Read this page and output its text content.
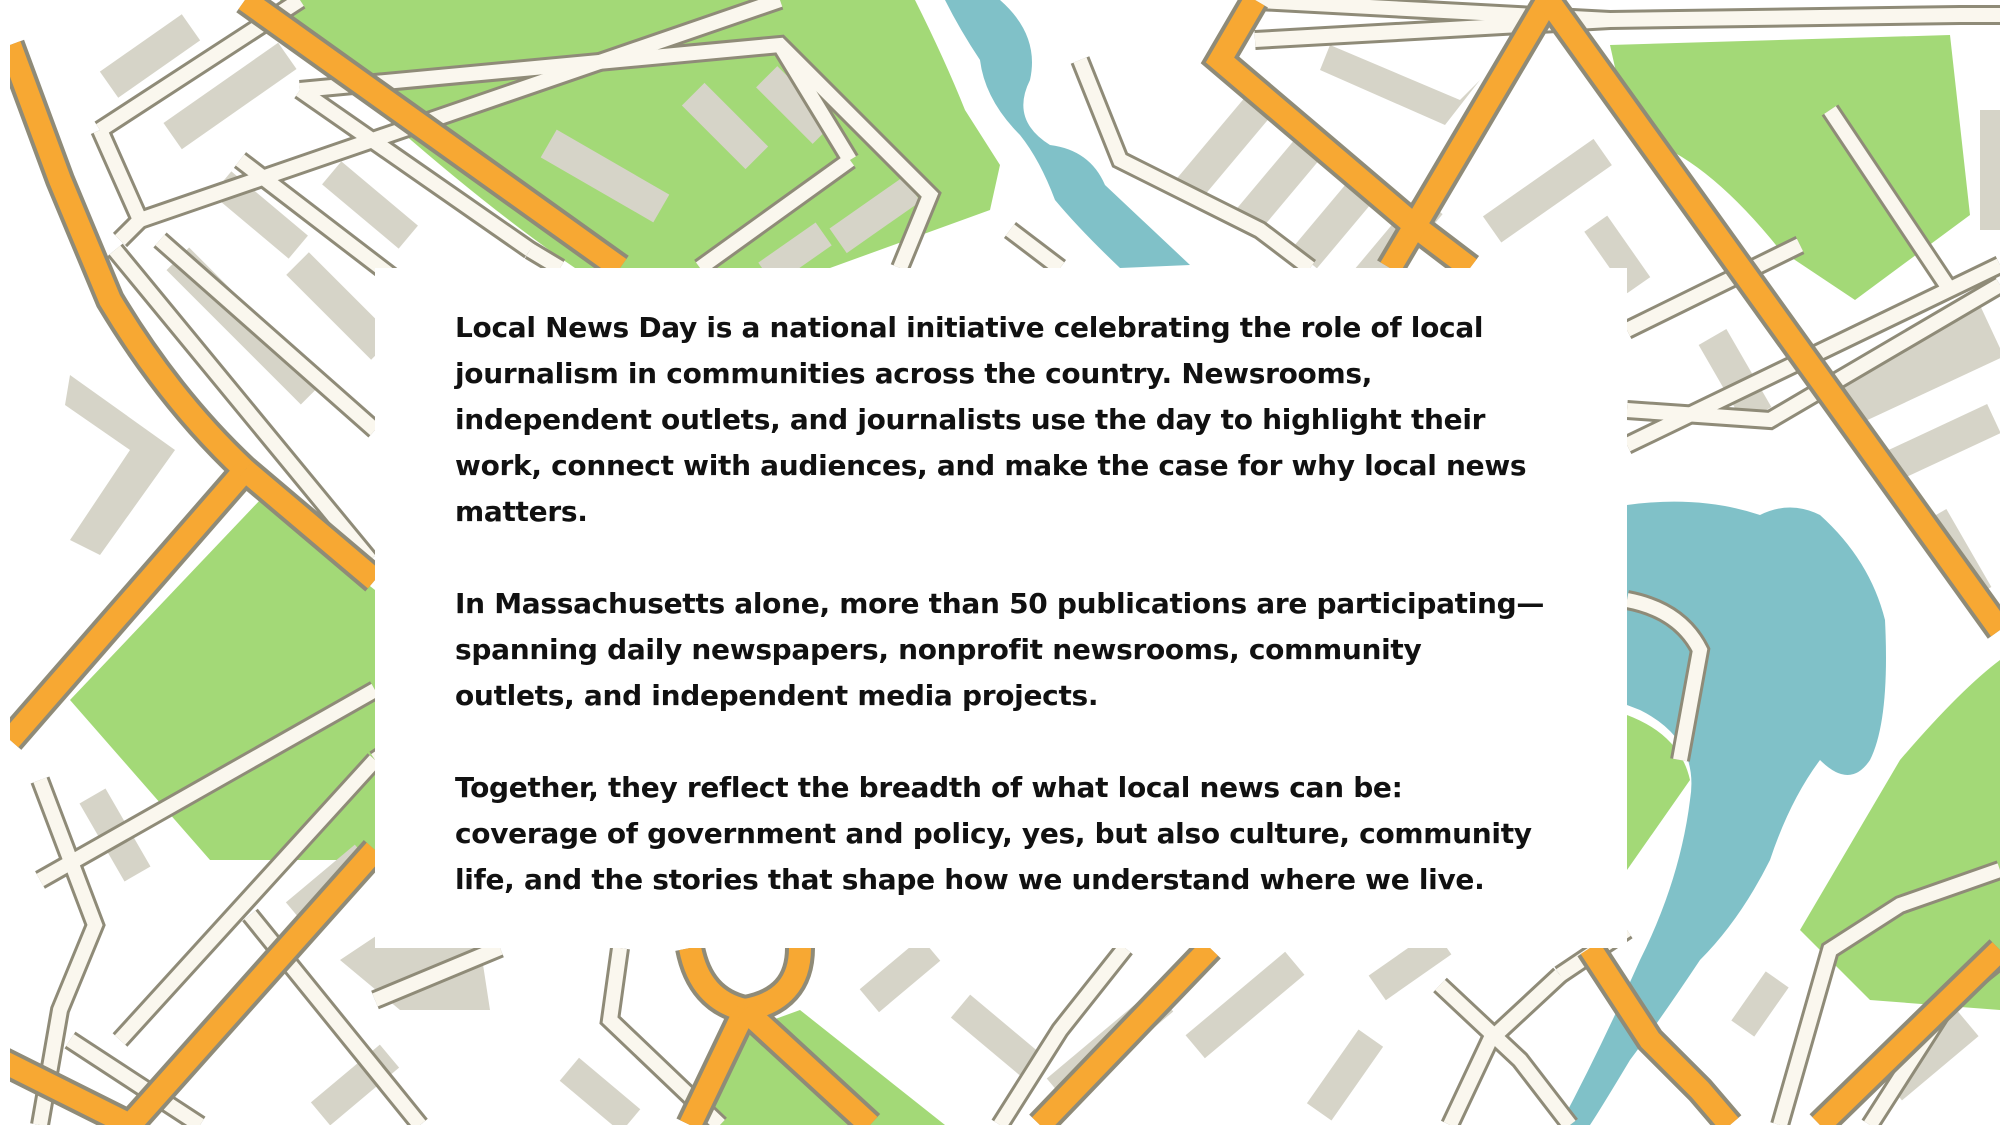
Local News Day is a national initiative celebrating the role of local journalism in communities across the country. Newsrooms, independent outlets, and journalists use the day to highlight their work, connect with audiences, and make the case for why local news matters.

In Massachusetts alone, more than 50 publications are participating—spanning daily newspapers, nonprofit newsrooms, community outlets, and independent media projects.

Together, they reflect the breadth of what local news can be: coverage of government and policy, yes, but also culture, community life, and the stories that shape how we understand where we live.
